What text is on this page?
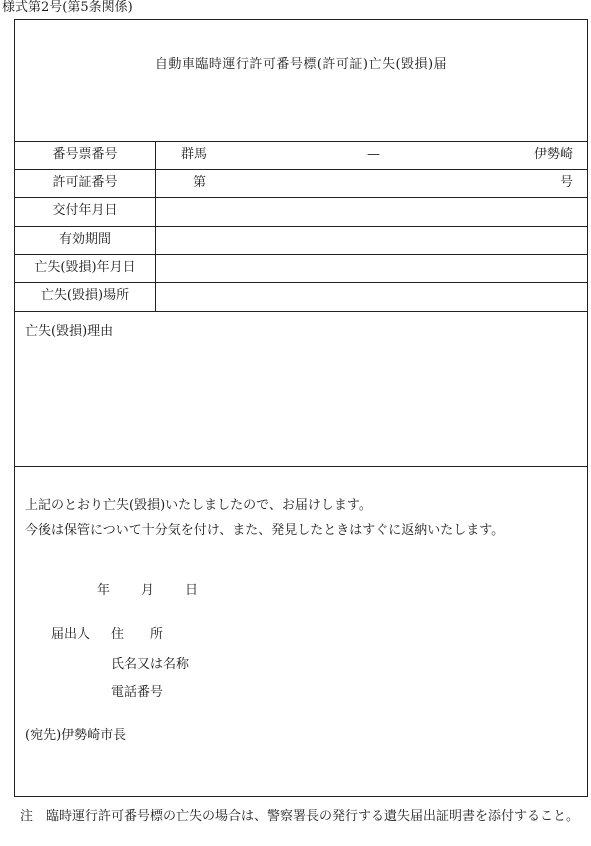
様式第2号(第5条関係)
自動車臨時運行許可番号標(許可証)亡失(毀損)届
番号票番号	群馬	—	伊勢崎
許可証番号	第	号
交付年月日
有効期間
亡失(毀損)年月日
亡失(毀損)場所
亡失(毀損)理由
上記のとおり亡失(毀損)いたしましたので、お届けします。
今後は保管について十分気を付け、また、発見したときはすぐに返納いたします。
年 月 日
届出人 住　　所
氏名又は名称
電話番号
(宛先)伊勢崎市長
注　臨時運行許可番号標の亡失の場合は、警察署長の発行する遺失届出証明書を添付すること。
